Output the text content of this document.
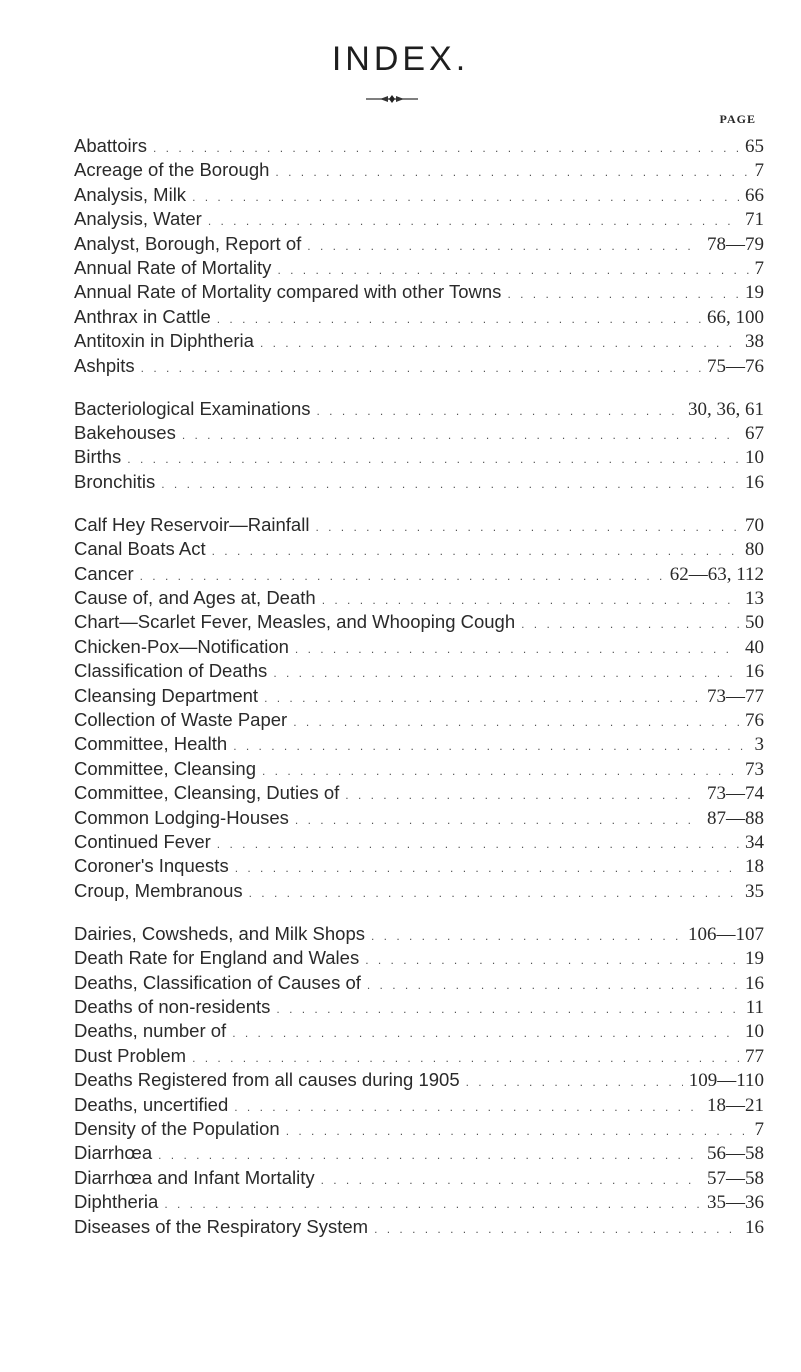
INDEX.
PAGE
Abattoirs . . .	65
Acreage of the Borough . . .	7
Analysis, Milk . . .	66
Analysis, Water . . .	71
Analyst, Borough, Report of . . .	78—79
Annual Rate of Mortality . . .	7
Annual Rate of Mortality compared with other Towns . . .	19
Anthrax in Cattle . . .	66, 100
Antitoxin in Diphtheria . . .	38
Ashpits . . .	75—76
Bacteriological Examinations . . .	30, 36, 61
Bakehouses . . .	67
Births . . .	10
Bronchitis . . .	16
Calf Hey Reservoir—Rainfall . . .	70
Canal Boats Act . . .	80
Cancer . . .	62—63, 112
Cause of, and Ages at, Death . . .	13
Chart—Scarlet Fever, Measles, and Whooping Cough . . .	50
Chicken-Pox—Notification . . .	40
Classification of Deaths . . .	16
Cleansing Department . . .	73—77
Collection of Waste Paper . . .	76
Committee, Health . . .	3
Committee, Cleansing . . .	73
Committee, Cleansing, Duties of . . .	73—74
Common Lodging-Houses . . .	87—88
Continued Fever . . .	34
Coroner's Inquests . . .	18
Croup, Membranous . . .	35
Dairies, Cowsheds, and Milk Shops . . .	106—107
Death Rate for England and Wales . . .	19
Deaths, Classification of Causes of . . .	16
Deaths of non-residents . . .	11
Deaths, number of . . .	10
Dust Problem . . .	77
Deaths Registered from all causes during 1905 . . .	109—110
Deaths, uncertified . . .	18—21
Density of the Population . . .	7
Diarrhœa . . .	56—58
Diarrhœa and Infant Mortality . . .	57—58
Diphtheria . . .	35—36
Diseases of the Respiratory System . . .	16
